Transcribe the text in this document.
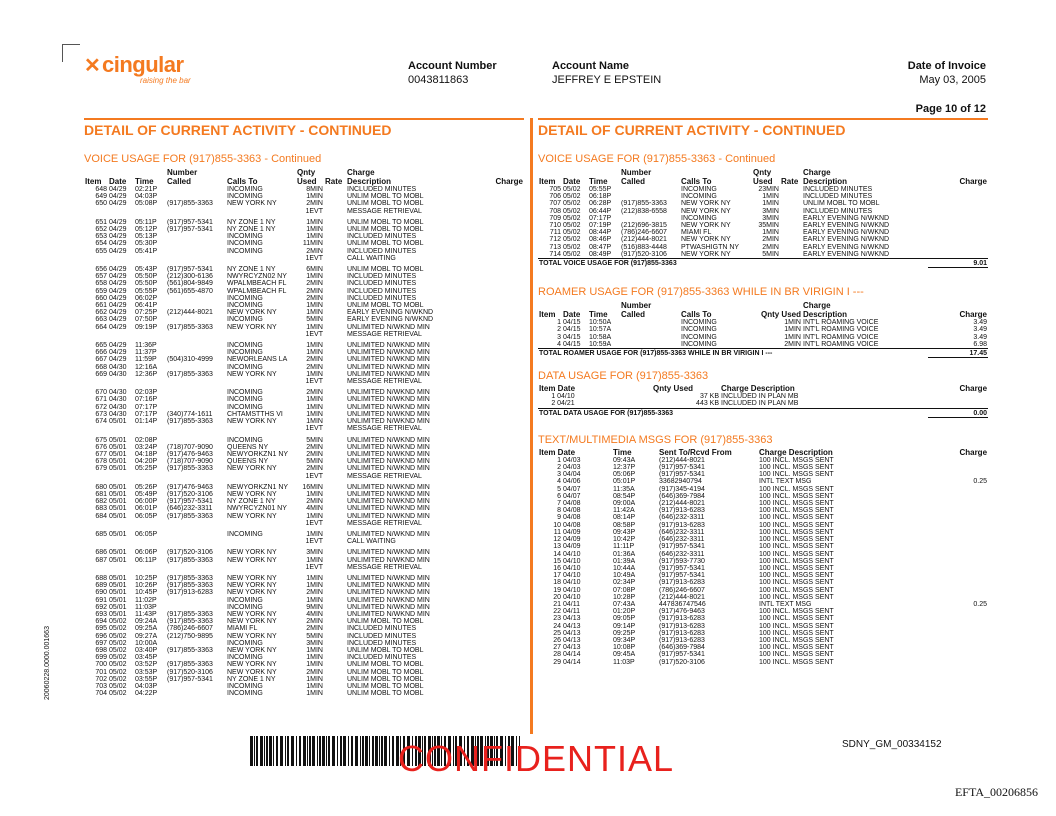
✕ cingular
raising the bar
Account Number
0043811863
Account Name
JEFFREY E EPSTEIN
Date of Invoice
May 03, 2005
Page 10 of 12
DETAIL OF CURRENT ACTIVITY - CONTINUED
VOICE USAGE FOR (917)855-3363 - Continued
			Number		Qnty		Charge	
Item	Date	Time	Called	Calls To	Used	Rate	Description	Charge
648	04/29	02:21P		INCOMING	8MIN		INCLUDED MINUTES	
649	04/29	04:03P		INCOMING	1MIN		UNLIM MOBL TO MOBL	
650	04/29	05:08P	(917)855-3363	NEW YORK NY	2MIN		UNLIM MOBL TO MOBL	
					1EVT		MESSAGE RETRIEVAL	

651	04/29	05:11P	(917)957-5341	NY ZONE 1 NY	1MIN		UNLIM MOBL TO MOBL	
652	04/29	05:12P	(917)957-5341	NY ZONE 1 NY	1MIN		UNLIM MOBL TO MOBL	
653	04/29	05:13P		INCOMING	1MIN		INCLUDED MINUTES	
654	04/29	05:30P		INCOMING	11MIN		UNLIM MOBL TO MOBL	
655	04/29	05:41P		INCOMING	2MIN		INCLUDED MINUTES	
					1EVT		CALL WAITING	

656	04/29	05:43P	(917)957-5341	NY ZONE 1 NY	6MIN		UNLIM MOBL TO MOBL	
657	04/29	05:50P	(212)300-6136	NWYRCYZN02 NY	1MIN		INCLUDED MINUTES	
658	04/29	05:50P	(561)804-9849	WPALMBEACH FL	2MIN		INCLUDED MINUTES	
659	04/29	05:55P	(561)655-4870	WPALMBEACH FL	2MIN		INCLUDED MINUTES	
660	04/29	06:02P		INCOMING	2MIN		INCLUDED MINUTES	
661	04/29	06:41P		INCOMING	1MIN		UNLIM MOBL TO MOBL	
662	04/29	07:25P	(212)444-8021	NEW YORK NY	1MIN		EARLY EVENING N/WKND	
663	04/29	07:50P		INCOMING	5MIN		EARLY EVENING N/WKND	
664	04/29	09:19P	(917)855-3363	NEW YORK NY	1MIN		UNLIMITED N/WKND MIN	
					1EVT		MESSAGE RETRIEVAL	

665	04/29	11:36P		INCOMING	1MIN		UNLIMITED N/WKND MIN	
666	04/29	11:37P		INCOMING	1MIN		UNLIMITED N/WKND MIN	
667	04/29	11:59P	(504)310-4999	NEWORLEANS LA	2MIN		UNLIMITED N/WKND MIN	
668	04/30	12:16A		INCOMING	2MIN		UNLIMITED N/WKND MIN	
669	04/30	12:36P	(917)855-3363	NEW YORK NY	1MIN		UNLIMITED N/WKND MIN	
					1EVT		MESSAGE RETRIEVAL	

670	04/30	02:03P		INCOMING	2MIN		UNLIMITED N/WKND MIN	
671	04/30	07:16P		INCOMING	1MIN		UNLIMITED N/WKND MIN	
672	04/30	07:17P		INCOMING	1MIN		UNLIMITED N/WKND MIN	
673	04/30	07:17P	(340)774-1611	CHTAMSTTHS VI	1MIN		UNLIMITED N/WKND MIN	
674	05/01	01:14P	(917)855-3363	NEW YORK NY	1MIN		UNLIMITED N/WKND MIN	
					1EVT		MESSAGE RETRIEVAL	

675	05/01	02:08P		INCOMING	5MIN		UNLIMITED N/WKND MIN	
676	05/01	03:24P	(718)707-9090	QUEENS NY	2MIN		UNLIMITED N/WKND MIN	
677	05/01	04:18P	(917)476-9463	NEWYORKZN1 NY	2MIN		UNLIMITED N/WKND MIN	
678	05/01	04:20P	(718)707-9090	QUEENS NY	5MIN		UNLIMITED N/WKND MIN	
679	05/01	05:25P	(917)855-3363	NEW YORK NY	2MIN		UNLIMITED N/WKND MIN	
					1EVT		MESSAGE RETRIEVAL	

680	05/01	05:26P	(917)476-9463	NEWYORKZN1 NY	16MIN		UNLIMITED N/WKND MIN	
681	05/01	05:49P	(917)520-3106	NEW YORK NY	1MIN		UNLIMITED N/WKND MIN	
682	05/01	06:00P	(917)957-5341	NY ZONE 1 NY	2MIN		UNLIMITED N/WKND MIN	
683	05/01	06:01P	(646)232-3311	NWYRCYZN01 NY	4MIN		UNLIMITED N/WKND MIN	
684	05/01	06:05P	(917)855-3363	NEW YORK NY	1MIN		UNLIMITED N/WKND MIN	
					1EVT		MESSAGE RETRIEVAL	

685	05/01	06:05P		INCOMING	1MIN		UNLIMITED N/WKND MIN	
					1EVT		CALL WAITING	

686	05/01	06:06P	(917)520-3106	NEW YORK NY	3MIN		UNLIMITED N/WKND MIN	
687	05/01	06:11P	(917)855-3363	NEW YORK NY	1MIN		UNLIMITED N/WKND MIN	
					1EVT		MESSAGE RETRIEVAL	

688	05/01	10:25P	(917)855-3363	NEW YORK NY	1MIN		UNLIMITED N/WKND MIN	
689	05/01	10:26P	(917)855-3363	NEW YORK NY	1MIN		UNLIMITED N/WKND MIN	
690	05/01	10:45P	(917)913-6283	NEW YORK NY	2MIN		UNLIMITED N/WKND MIN	
691	05/01	11:02P		INCOMING	1MIN		UNLIMITED N/WKND MIN	
692	05/01	11:03P		INCOMING	9MIN		UNLIMITED N/WKND MIN	
693	05/01	11:43P	(917)855-3363	NEW YORK NY	4MIN		UNLIMITED N/WKND MIN	
694	05/02	09:24A	(917)855-3363	NEW YORK NY	2MIN		UNLIM MOBL TO MOBL	
695	05/02	09:25A	(786)246-6607	MIAMI FL	2MIN		INCLUDED MINUTES	
696	05/02	09:27A	(212)750-9895	NEW YORK NY	5MIN		INCLUDED MINUTES	
697	05/02	10:00A		INCOMING	3MIN		INCLUDED MINUTES	
698	05/02	03:40P	(917)855-3363	NEW YORK NY	1MIN		UNLIM MOBL TO MOBL	
699	05/02	03:45P		INCOMING	1MIN		INCLUDED MINUTES	
700	05/02	03:52P	(917)855-3363	NEW YORK NY	1MIN		UNLIM MOBL TO MOBL	
701	05/02	03:53P	(917)520-3106	NEW YORK NY	2MIN		UNLIM MOBL TO MOBL	
702	05/02	03:55P	(917)957-5341	NY ZONE 1 NY	1MIN		UNLIM MOBL TO MOBL	
703	05/02	04:03P		INCOMING	1MIN		UNLIM MOBL TO MOBL	
704	05/02	04:22P		INCOMING	1MIN		UNLIM MOBL TO MOBL	
DETAIL OF CURRENT ACTIVITY - CONTINUED
VOICE USAGE FOR (917)855-3363 - Continued
			Number		Qnty		Charge	
Item	Date	Time	Called	Calls To	Used	Rate	Description	Charge
705	05/02	05:55P		INCOMING	23MIN		INCLUDED MINUTES	
706	05/02	06:18P		INCOMING	1MIN		INCLUDED MINUTES	
707	05/02	06:28P	(917)855-3363	NEW YORK NY	1MIN		UNLIM MOBL TO MOBL	
708	05/02	06:44P	(212)838-6558	NEW YORK NY	3MIN		INCLUDED MINUTES	
709	05/02	07:17P		INCOMING	3MIN		EARLY EVENING N/WKND	
710	05/02	07:19P	(212)696-3815	NEW YORK NY	35MIN		EARLY EVENING N/WKND	
711	05/02	08:44P	(786)246-6607	MIAMI FL	1MIN		EARLY EVENING N/WKND	
712	05/02	08:46P	(212)444-8021	NEW YORK NY	2MIN		EARLY EVENING N/WKND	
713	05/02	08:47P	(516)883-4448	PTWASHIGTN NY	2MIN		EARLY EVENING N/WKND	
714	05/02	08:49P	(917)520-3106	NEW YORK NY	5MIN		EARLY EVENING N/WKND	
TOTAL VOICE USAGE FOR (917)855-3363								9.01
ROAMER USAGE FOR (917)855-3363 WHILE IN BR VIRIGIN I ---
			Number			Charge	
Item	Date	Time	Called	Calls To	Qnty Used	Description	Charge
1	04/15	10:50A		INCOMING	1MIN	INT'L ROAMING VOICE	3.49
2	04/15	10:57A		INCOMING	1MIN	INT'L ROAMING VOICE	3.49
3	04/15	10:58A		INCOMING	1MIN	INT'L ROAMING VOICE	3.49
4	04/15	10:59A		INCOMING	2MIN	INT'L ROAMING VOICE	6.98
TOTAL ROAMER USAGE FOR (917)855-3363 WHILE IN BR VIRIGIN I ---							17.45
DATA USAGE FOR (917)855-3363
Item Date		Qnty Used	Charge Description	Charge
1 04/10		37 KB	INCLUDED IN PLAN MB	
2 04/21		443 KB	INCLUDED IN PLAN MB	
TOTAL DATA USAGE FOR (917)855-3363				0.00
TEXT/MULTIMEDIA MSGS FOR (917)855-3363
Item Date		Time	Sent To/Rcvd From	Charge Description	Charge
1	04/03	09:43A	(212)444-8021	100 INCL. MSGS SENT	
2	04/03	12:37P	(917)957-5341	100 INCL. MSGS SENT	
3	04/04	05:06P	(917)957-5341	100 INCL. MSGS SENT	
4	04/06	05:01P	33682940794	INTL TEXT MSG	0.25
5	04/07	11:35A	(917)345-4194	100 INCL. MSGS SENT	
6	04/07	08:54P	(646)369-7984	100 INCL. MSGS SENT	
7	04/08	09:00A	(212)444-8021	100 INCL. MSGS SENT	
8	04/08	11:42A	(917)913-6283	100 INCL. MSGS SENT	
9	04/08	08:14P	(646)232-3311	100 INCL. MSGS SENT	
10	04/08	08:58P	(917)913-6283	100 INCL. MSGS SENT	
11	04/09	09:43P	(646)232-3311	100 INCL. MSGS SENT	
12	04/09	10:42P	(646)232-3311	100 INCL. MSGS SENT	
13	04/09	11:11P	(917)957-5341	100 INCL. MSGS SENT	
14	04/10	01:36A	(646)232-3311	100 INCL. MSGS SENT	
15	04/10	01:39A	(917)593-7730	100 INCL. MSGS SENT	
16	04/10	10:44A	(917)957-5341	100 INCL. MSGS SENT	
17	04/10	10:49A	(917)957-5341	100 INCL. MSGS SENT	
18	04/10	02:34P	(917)913-6283	100 INCL. MSGS SENT	
19	04/10	07:08P	(786)246-6607	100 INCL. MSGS SENT	
20	04/10	10:28P	(212)444-8021	100 INCL. MSGS SENT	
21	04/11	07:43A	447836747546	INTL TEXT MSG	0.25
22	04/11	01:20P	(917)476-9463	100 INCL. MSGS SENT	
23	04/13	09:05P	(917)913-6283	100 INCL. MSGS SENT	
24	04/13	09:14P	(917)913-6283	100 INCL. MSGS SENT	
25	04/13	09:25P	(917)913-6283	100 INCL. MSGS SENT	
26	04/13	09:34P	(917)913-6283	100 INCL. MSGS SENT	
27	04/13	10:08P	(646)369-7984	100 INCL. MSGS SENT	
28	04/14	09:45A	(917)957-5341	100 INCL. MSGS SENT	
29	04/14	11:03P	(917)520-3106	100 INCL. MSGS SENT	
CONFIDENTIAL	SDNY_GM_00334152
EFTA_00206856
20060228.0000.001663
